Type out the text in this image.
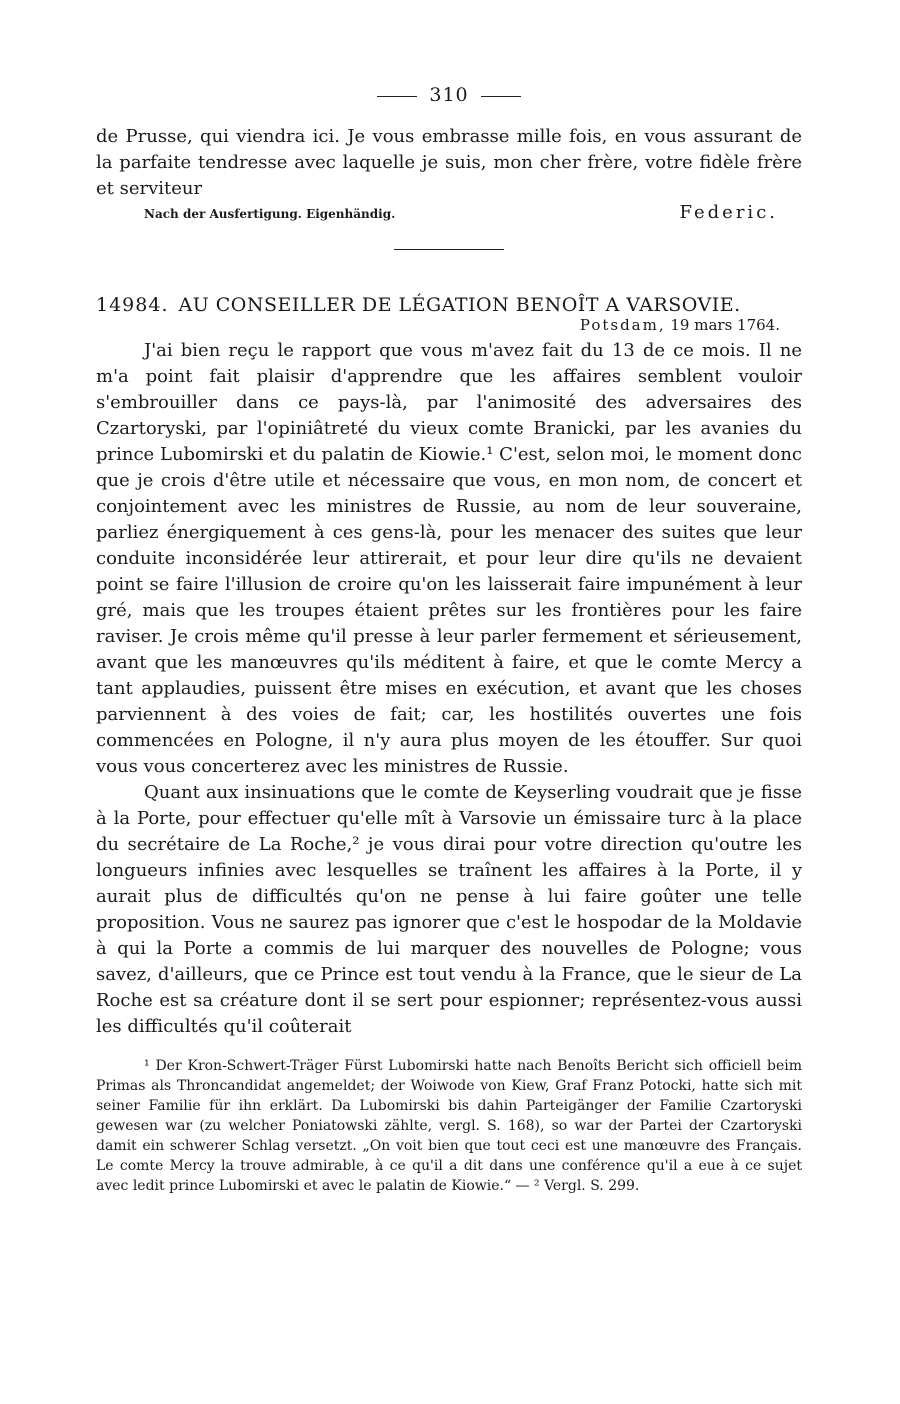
310

de Prusse, qui viendra ici. Je vous embrasse mille fois, en vous assurant de la parfaite tendresse avec laquelle je suis, mon cher frère, votre fidèle frère et serviteur

Nach der Ausfertigung. Eigenhändig.	Federic.
14984. AU CONSEILLER DE LÉGATION BENOÎT A VARSOVIE.
Potsdam, 19 mars 1764.

J'ai bien reçu le rapport que vous m'avez fait du 13 de ce mois. Il ne m'a point fait plaisir d'apprendre que les affaires semblent vouloir s'embrouiller dans ce pays-là, par l'animosité des adversaires des Czartoryski, par l'opiniâtreté du vieux comte Branicki, par les avanies du prince Lubomirski et du palatin de Kiowie.¹ C'est, selon moi, le moment donc que je crois d'être utile et nécessaire que vous, en mon nom, de concert et conjointement avec les ministres de Russie, au nom de leur souveraine, parliez énergiquement à ces gens-là, pour les menacer des suites que leur conduite inconsidérée leur attirerait, et pour leur dire qu'ils ne devaient point se faire l'illusion de croire qu'on les laisserait faire impunément à leur gré, mais que les troupes étaient prêtes sur les frontières pour les faire raviser. Je crois même qu'il presse à leur parler fermement et sérieusement, avant que les manœuvres qu'ils méditent à faire, et que le comte Mercy a tant applaudies, puissent être mises en exécution, et avant que les choses parviennent à des voies de fait; car, les hostilités ouvertes une fois commencées en Pologne, il n'y aura plus moyen de les étouffer. Sur quoi vous vous concerterez avec les ministres de Russie.

Quant aux insinuations que le comte de Keyserling voudrait que je fisse à la Porte, pour effectuer qu'elle mît à Varsovie un émissaire turc à la place du secrétaire de La Roche,² je vous dirai pour votre direction qu'outre les longueurs infinies avec lesquelles se traînent les affaires à la Porte, il y aurait plus de difficultés qu'on ne pense à lui faire goûter une telle proposition. Vous ne saurez pas ignorer que c'est le hospodar de la Moldavie à qui la Porte a commis de lui marquer des nouvelles de Pologne; vous savez, d'ailleurs, que ce Prince est tout vendu à la France, que le sieur de La Roche est sa créature dont il se sert pour espionner; représentez-vous aussi les difficultés qu'il coûterait

¹ Der Kron-Schwert-Träger Fürst Lubomirski hatte nach Benoîts Bericht sich officiell beim Primas als Throncandidat angemeldet; der Woiwode von Kiew, Graf Franz Potocki, hatte sich mit seiner Familie für ihn erklärt. Da Lubomirski bis dahin Parteigänger der Familie Czartoryski gewesen war (zu welcher Poniatowski zählte, vergl. S. 168), so war der Partei der Czartoryski damit ein schwerer Schlag versetzt. „On voit bien que tout ceci est une manœuvre des Français. Le comte Mercy la trouve admirable, à ce qu'il a dit dans une conférence qu'il a eue à ce sujet avec ledit prince Lubomirski et avec le palatin de Kiowie.“ — ² Vergl. S. 299.
